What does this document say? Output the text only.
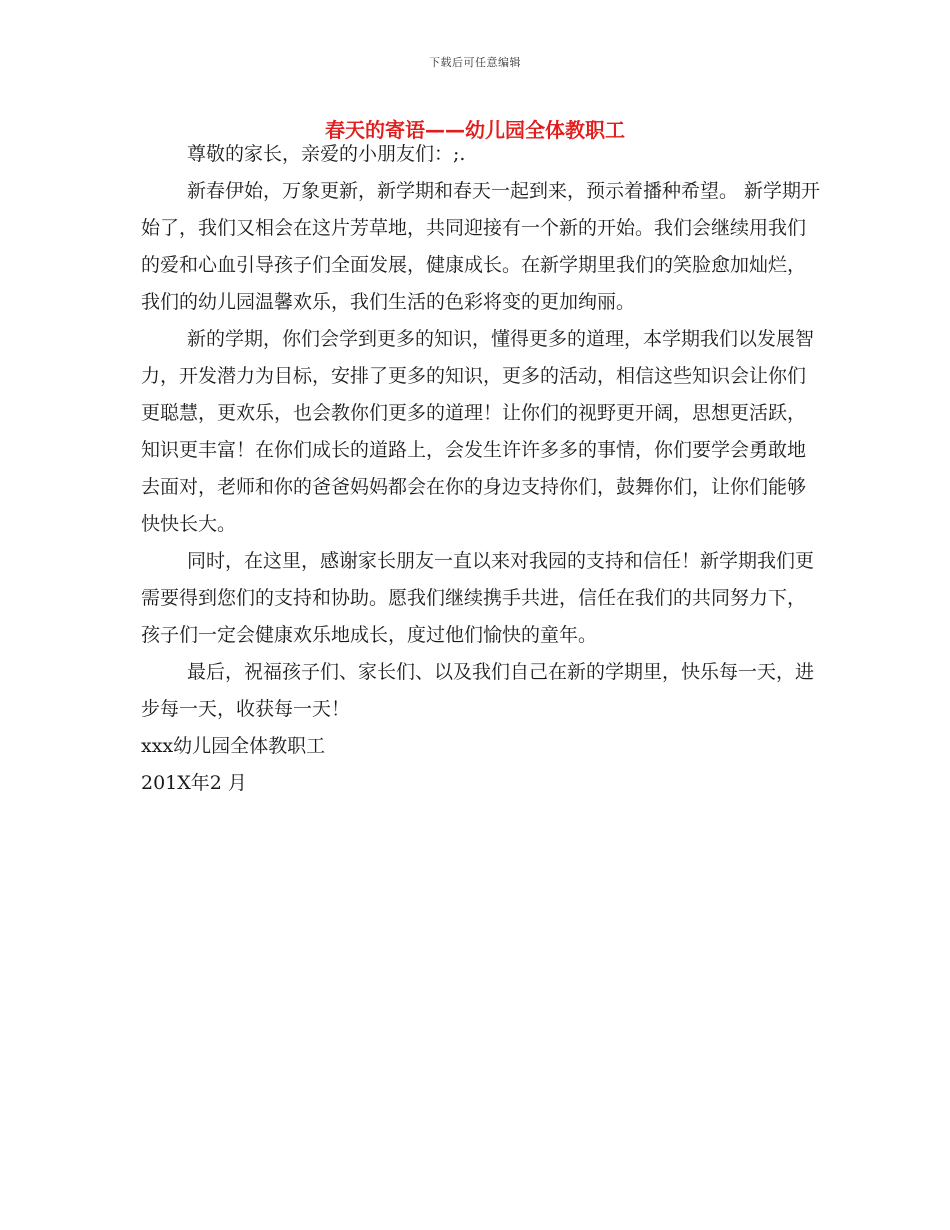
下载后可任意编辑
春天的寄语——幼儿园全体教职工

尊敬的家长，亲爱的小朋友们：;.

新春伊始，万象更新，新学期和春天一起到来，预示着播种希望。 新学期开始了，我们又相会在这片芳草地，共同迎接有一个新的开始。我们会继续用我们的爱和心血引导孩子们全面发展，健康成长。在新学期里我们的笑脸愈加灿烂，我们的幼儿园温馨欢乐，我们生活的色彩将变的更加绚丽。

新的学期，你们会学到更多的知识，懂得更多的道理，本学期我们以发展智力，开发潜力为目标，安排了更多的知识，更多的活动，相信这些知识会让你们更聪慧，更欢乐，也会教你们更多的道理！让你们的视野更开阔，思想更活跃，知识更丰富！在你们成长的道路上，会发生许许多多的事情，你们要学会勇敢地去面对，老师和你的爸爸妈妈都会在你的身边支持你们，鼓舞你们，让你们能够快快长大。

同时，在这里，感谢家长朋友一直以来对我园的支持和信任！新学期我们更需要得到您们的支持和协助。愿我们继续携手共进，信任在我们的共同努力下，孩子们一定会健康欢乐地成长，度过他们愉快的童年。

最后，祝福孩子们、家长们、以及我们自己在新的学期里，快乐每一天，进步每一天，收获每一天！

xxx幼儿园全体教职工

201X年2 月
